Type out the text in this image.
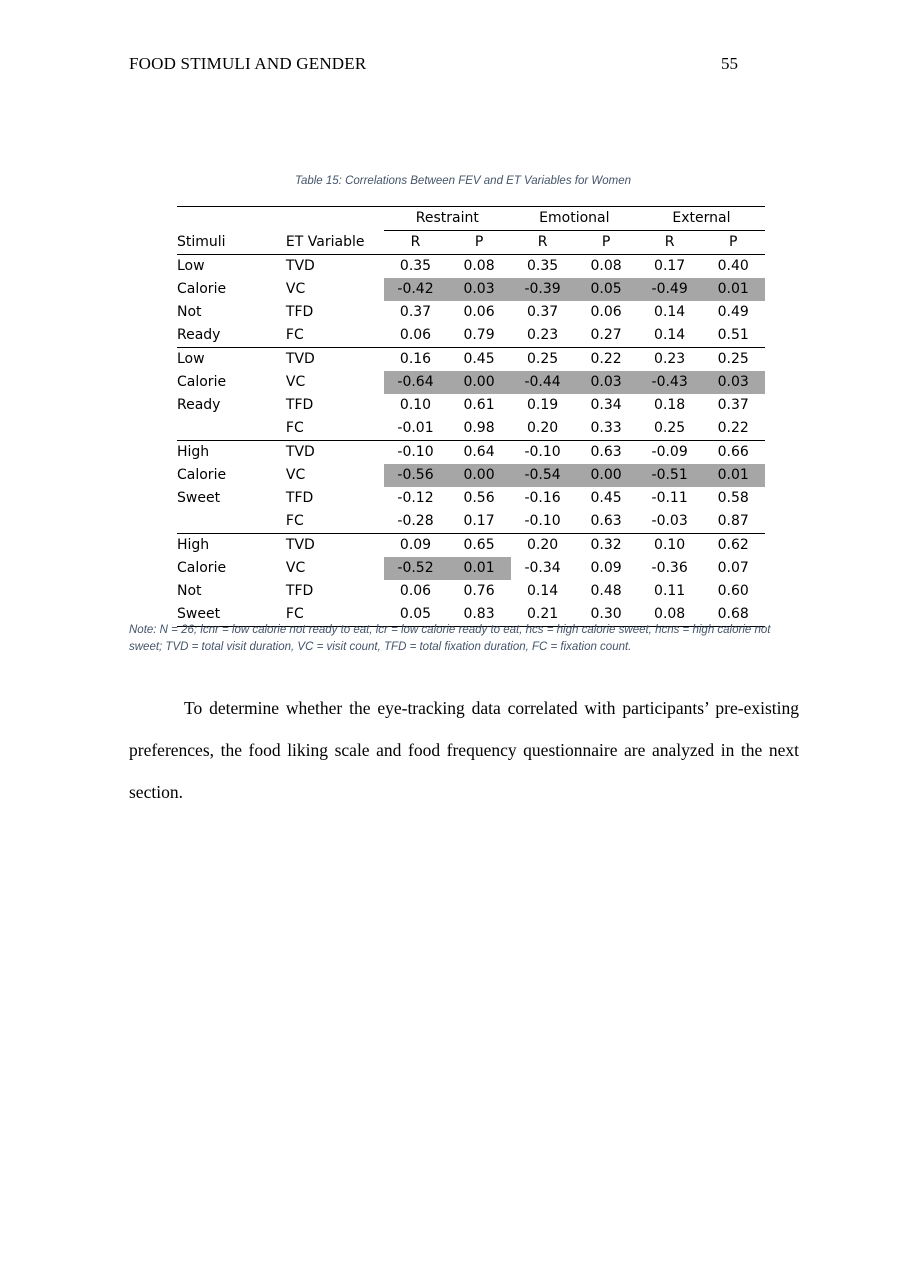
FOOD STIMULI AND GENDER	55
Table 15: Correlations Between FEV and ET Variables for Women
		Restraint		Emotional		External	
Stimuli	ET Variable	R	P	R	P	R	P
Low	TVD	0.35	0.08	0.35	0.08	0.17	0.40
Calorie	VC	-0.42	0.03	-0.39	0.05	-0.49	0.01
Not	TFD	0.37	0.06	0.37	0.06	0.14	0.49
Ready	FC	0.06	0.79	0.23	0.27	0.14	0.51
Low	TVD	0.16	0.45	0.25	0.22	0.23	0.25
Calorie	VC	-0.64	0.00	-0.44	0.03	-0.43	0.03
Ready	TFD	0.10	0.61	0.19	0.34	0.18	0.37
	FC	-0.01	0.98	0.20	0.33	0.25	0.22
High	TVD	-0.10	0.64	-0.10	0.63	-0.09	0.66
Calorie	VC	-0.56	0.00	-0.54	0.00	-0.51	0.01
Sweet	TFD	-0.12	0.56	-0.16	0.45	-0.11	0.58
	FC	-0.28	0.17	-0.10	0.63	-0.03	0.87
High	TVD	0.09	0.65	0.20	0.32	0.10	0.62
Calorie	VC	-0.52	0.01	-0.34	0.09	-0.36	0.07
Not	TFD	0.06	0.76	0.14	0.48	0.11	0.60
Sweet	FC	0.05	0.83	0.21	0.30	0.08	0.68
Note: N = 26; lcnr = low calorie not ready to eat, lcr = low calorie ready to eat, hcs = high calorie sweet, hcns = high calorie not sweet; TVD = total visit duration, VC = visit count, TFD = total fixation duration, FC = fixation count.

To determine whether the eye-tracking data correlated with participants’ pre-existing preferences, the food liking scale and food frequency questionnaire are analyzed in the next section.
